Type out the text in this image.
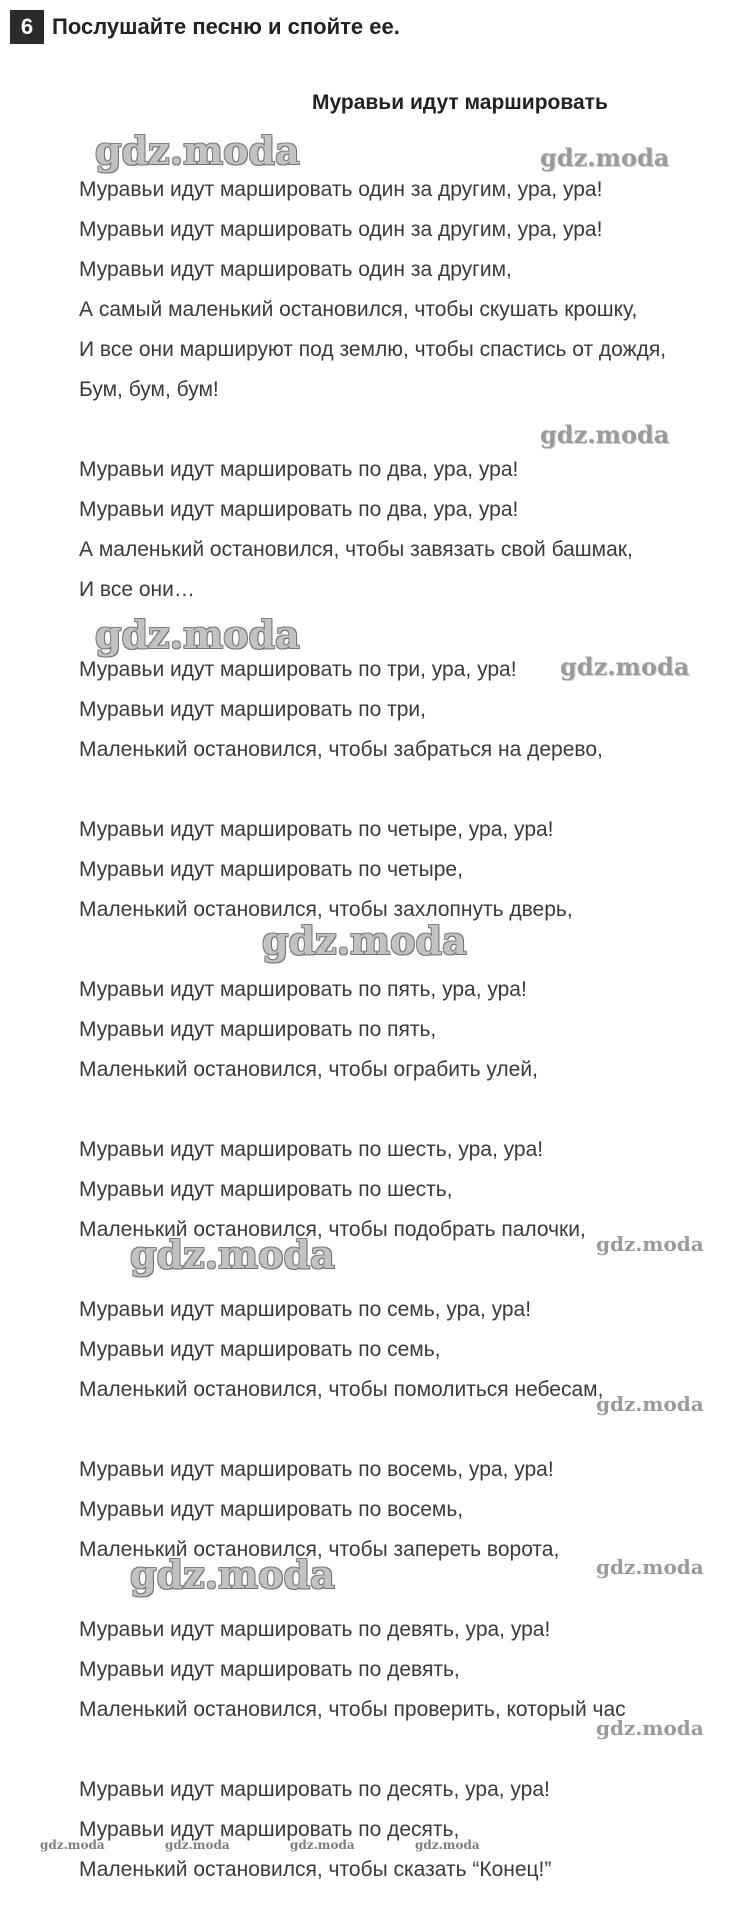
6 Послушайте песню и спойте ее.
Муравьи идут маршировать
Муравьи идут маршировать один за другим, ура, ура!
Муравьи идут маршировать один за другим, ура, ура!
Муравьи идут маршировать один за другим,
А самый маленький остановился, чтобы скушать крошку,
И все они маршируют под землю, чтобы спастись от дождя,
Бум, бум, бум!
Муравьи идут маршировать по два, ура, ура!
Муравьи идут маршировать по два, ура, ура!
А маленький остановился, чтобы завязать свой башмак,
И все они…
Муравьи идут маршировать по три, ура, ура!
Муравьи идут маршировать по три,
Маленький остановился, чтобы забраться на дерево,
Муравьи идут маршировать по четыре, ура, ура!
Муравьи идут маршировать по четыре,
Маленький остановился, чтобы захлопнуть дверь,
Муравьи идут маршировать по пять, ура, ура!
Муравьи идут маршировать по пять,
Маленький остановился, чтобы ограбить улей,
Муравьи идут маршировать по шесть, ура, ура!
Муравьи идут маршировать по шесть,
Маленький остановился, чтобы подобрать палочки,
Муравьи идут маршировать по семь, ура, ура!
Муравьи идут маршировать по семь,
Маленький остановился, чтобы помолиться небесам,
Муравьи идут маршировать по восемь, ура, ура!
Муравьи идут маршировать по восемь,
Маленький остановился, чтобы запереть ворота,
Муравьи идут маршировать по девять, ура, ура!
Муравьи идут маршировать по девять,
Маленький остановился, чтобы проверить, который час
Муравьи идут маршировать по десять, ура, ура!
Муравьи идут маршировать по десять,
Маленький остановился, чтобы сказать “Конец!”
gdz.moda	gdz.moda
gdz.moda
gdz.moda
gdz.moda
gdz.moda
gdz.moda	gdz.moda
gdz.moda
gdz.moda	gdz.moda
gdz.moda
gdz.moda	gdz.moda	gdz.moda	gdz.moda
